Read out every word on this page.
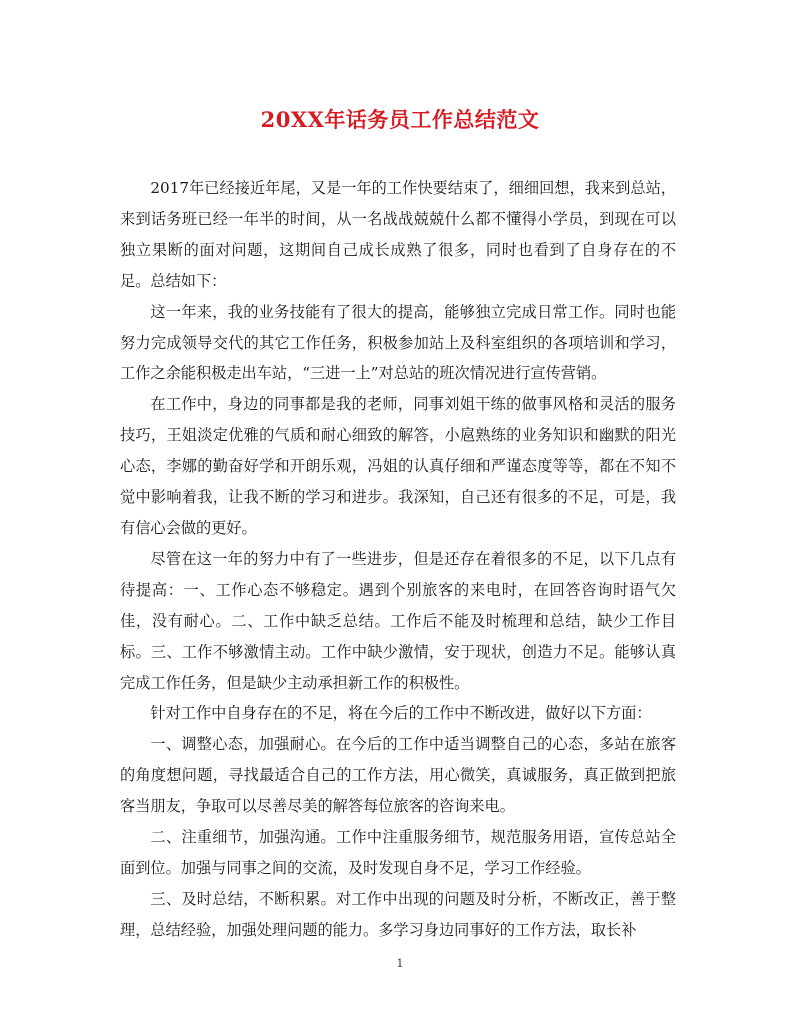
20XX年话务员工作总结范文

2017年已经接近年尾，又是一年的工作快要结束了，细细回想，我来到总站，来到话务班已经一年半的时间，从一名战战兢兢什么都不懂得小学员，到现在可以独立果断的面对问题，这期间自己成长成熟了很多，同时也看到了自身存在的不足。总结如下：

这一年来，我的业务技能有了很大的提高，能够独立完成日常工作。同时也能努力完成领导交代的其它工作任务，积极参加站上及科室组织的各项培训和学习，工作之余能积极走出车站，“三进一上”对总站的班次情况进行宣传营销。

在工作中，身边的同事都是我的老师，同事刘姐干练的做事风格和灵活的服务技巧，王姐淡定优雅的气质和耐心细致的解答，小扈熟练的业务知识和幽默的阳光心态，李娜的勤奋好学和开朗乐观，冯姐的认真仔细和严谨态度等等，都在不知不觉中影响着我，让我不断的学习和进步。我深知，自己还有很多的不足，可是，我有信心会做的更好。

尽管在这一年的努力中有了一些进步，但是还存在着很多的不足，以下几点有待提高：一、工作心态不够稳定。遇到个别旅客的来电时，在回答咨询时语气欠佳，没有耐心。二、工作中缺乏总结。工作后不能及时梳理和总结，缺少工作目标。三、工作不够激情主动。工作中缺少激情，安于现状，创造力不足。能够认真完成工作任务，但是缺少主动承担新工作的积极性。

针对工作中自身存在的不足，将在今后的工作中不断改进，做好以下方面：

一、调整心态，加强耐心。在今后的工作中适当调整自己的心态，多站在旅客的角度想问题，寻找最适合自己的工作方法，用心微笑，真诚服务，真正做到把旅客当朋友，争取可以尽善尽美的解答每位旅客的咨询来电。

二、注重细节，加强沟通。工作中注重服务细节，规范服务用语，宣传总站全面到位。加强与同事之间的交流，及时发现自身不足，学习工作经验。

三、及时总结，不断积累。对工作中出现的问题及时分析，不断改正，善于整理，总结经验，加强处理问题的能力。多学习身边同事好的工作方法，取长补

1
